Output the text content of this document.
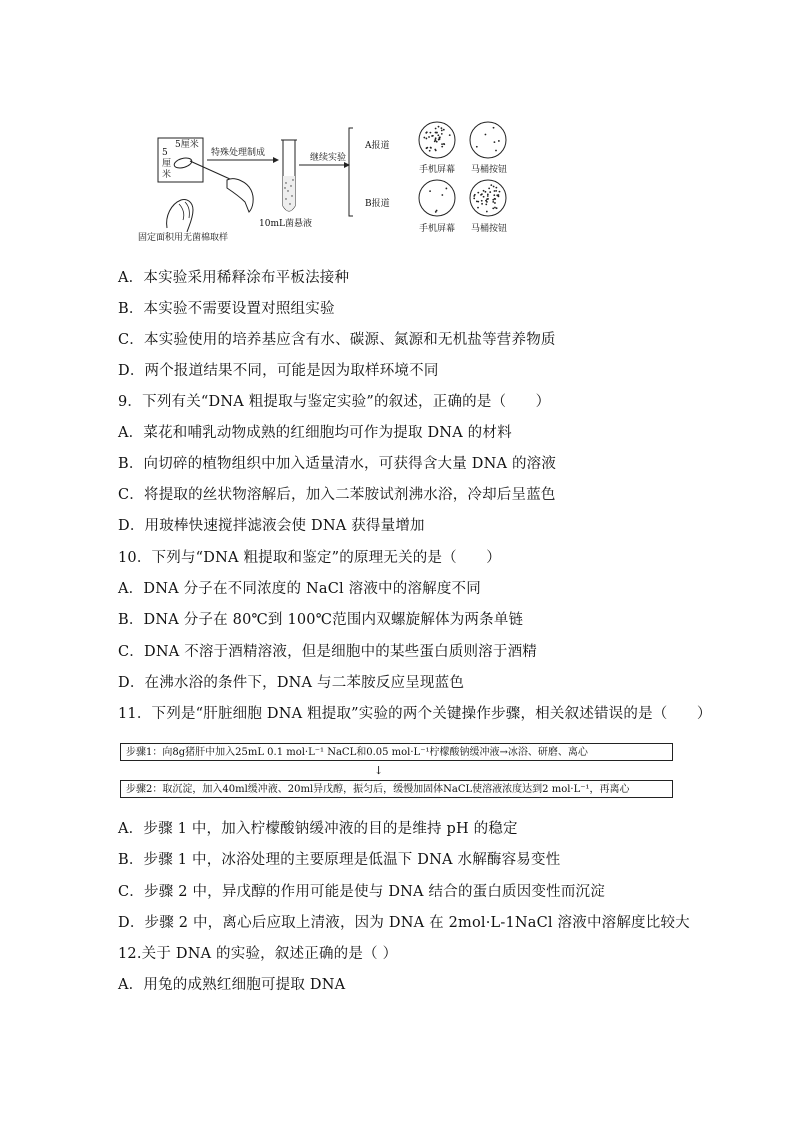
5厘米
5
厘
米
固定面积用无菌棉取样
特殊处理制成
10mL菌悬液
继续实验
A报道
B报道
手机屏幕 马桶按钮
手机屏幕 马桶按钮
A．本实验采用稀释涂布平板法接种
B．本实验不需要设置对照组实验
C．本实验使用的培养基应含有水、碳源、氮源和无机盐等营养物质
D．两个报道结果不同，可能是因为取样环境不同
9．下列有关“DNA 粗提取与鉴定实验”的叙述，正确的是（　　）
A．菜花和哺乳动物成熟的红细胞均可作为提取 DNA 的材料
B．向切碎的植物组织中加入适量清水，可获得含大量 DNA 的溶液
C．将提取的丝状物溶解后，加入二苯胺试剂沸水浴，冷却后呈蓝色
D．用玻棒快速搅拌滤液会使 DNA 获得量增加
10．下列与“DNA 粗提取和鉴定”的原理无关的是（　　）
A．DNA 分子在不同浓度的 NaCl 溶液中的溶解度不同
B．DNA 分子在 80℃到 100℃范围内双螺旋解体为两条单链
C．DNA 不溶于酒精溶液，但是细胞中的某些蛋白质则溶于酒精
D．在沸水浴的条件下，DNA 与二苯胺反应呈现蓝色
11．下列是“肝脏细胞 DNA 粗提取”实验的两个关键操作步骤，相关叙述错误的是（　　）
步骤1：向8g猪肝中加入25mL 0.1 mol·L⁻¹ NaCL和0.05 mol·L⁻¹柠檬酸钠缓冲液→冰浴、研磨、离心
↓
步骤2：取沉淀，加入40ml缓冲液、20ml异戊醇，振匀后，缓慢加固体NaCL使溶液浓度达到2 mol·L⁻¹，再离心
A．步骤 1 中，加入柠檬酸钠缓冲液的目的是维持 pH 的稳定
B．步骤 1 中，冰浴处理的主要原理是低温下 DNA 水解酶容易变性
C．步骤 2 中，异戊醇的作用可能是使与 DNA 结合的蛋白质因变性而沉淀
D．步骤 2 中，离心后应取上清液，因为 DNA 在 2mol·L-1NaCl 溶液中溶解度比较大
12.关于 DNA 的实验，叙述正确的是（ ）
A．用兔的成熟红细胞可提取 DNA
